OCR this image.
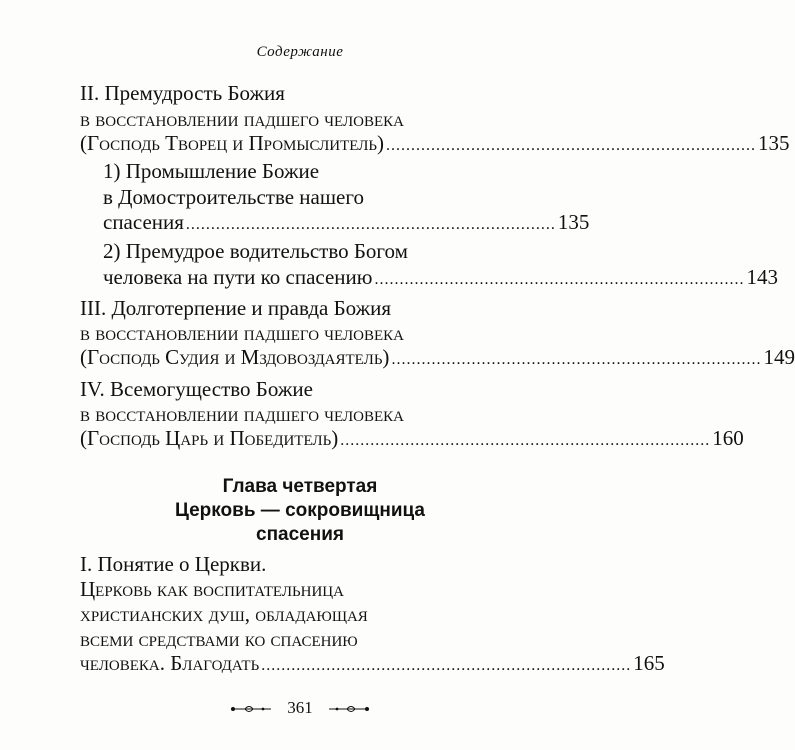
Содержание
II. Премудрость Божия
в восстановлении падшего человека
(Господь Творец и Промыслитель) .......................................................................... 135
1) Промышление Божие
в Домостроительстве нашего
спасения .......................................................................... 135
2) Премудрое водительство Богом
человека на пути ко спасению .......................................................................... 143
III. Долготерпение и правда Божия
в восстановлении падшего человека
(Господь Судия и Мздовоздаятель) .......................................................................... 149
IV. Всемогущество Божие
в восстановлении падшего человека
(Господь Царь и Победитель) .......................................................................... 160
Глава четвертая
Церковь — сокровищница
спасения
I. Понятие о Церкви.
Церковь как воспитательница
христианских душ, обладающая
всеми средствами ко спасению
человека. Благодать .......................................................................... 165
361
